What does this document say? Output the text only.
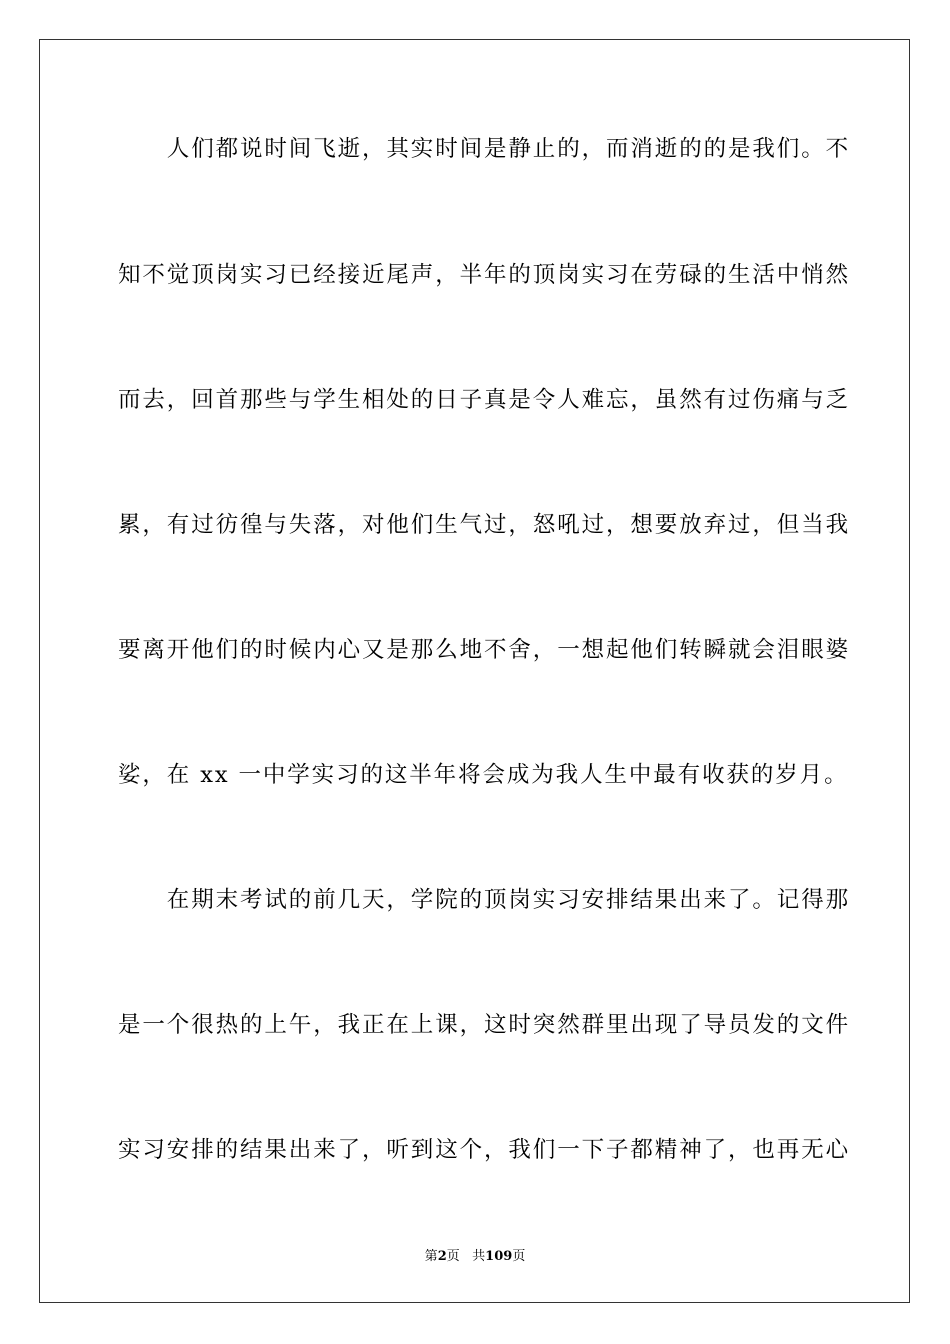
　　人们都说时间飞逝，其实时间是静止的，而消逝的的是我们。不
知不觉顶岗实习已经接近尾声，半年的顶岗实习在劳碌的生活中悄然
而去，回首那些与学生相处的日子真是令人难忘，虽然有过伤痛与乏
累，有过彷徨与失落，对他们生气过，怒吼过，想要放弃过，但当我
要离开他们的时候内心又是那么地不舍，一想起他们转瞬就会泪眼婆
娑，在 xx 一中学实习的这半年将会成为我人生中最有收获的岁月。
　　在期末考试的前几天，学院的顶岗实习安排结果出来了。记得那
是一个很热的上午，我正在上课，这时突然群里出现了导员发的文件
实习安排的结果出来了，听到这个，我们一下子都精神了，也再无心
第2页 共109页
